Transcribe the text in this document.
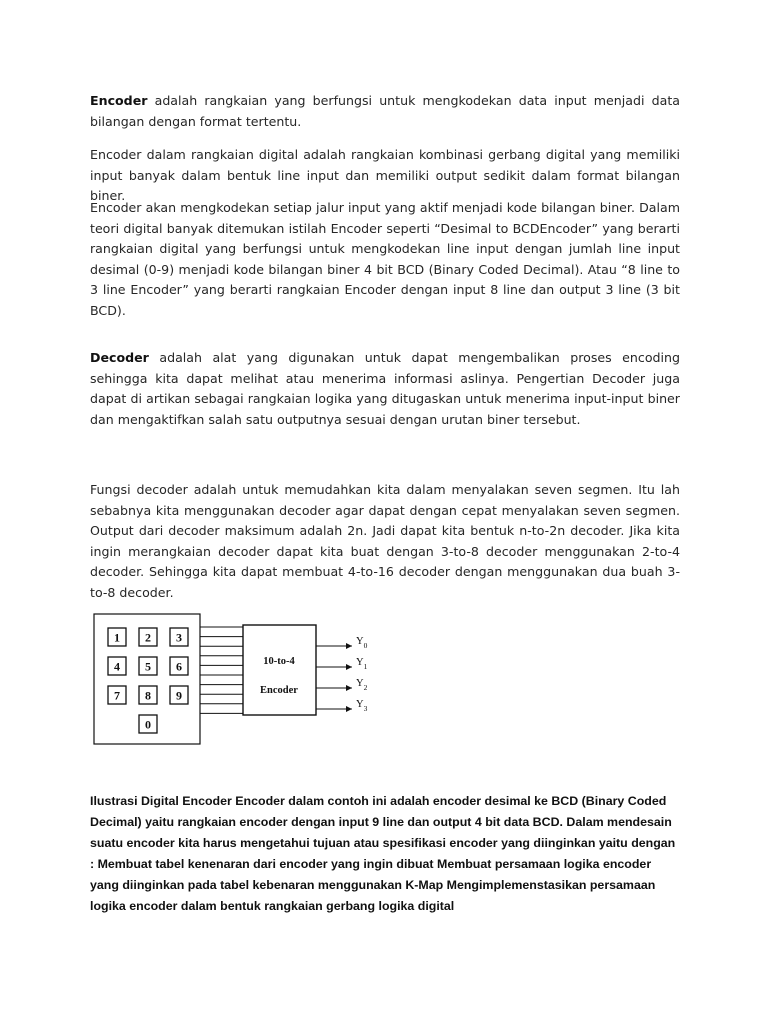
Encoder adalah rangkaian yang berfungsi untuk mengkodekan data input menjadi data bilangan dengan format tertentu.

Encoder dalam rangkaian digital adalah rangkaian kombinasi gerbang digital yang memiliki input banyak dalam bentuk line input dan memiliki output sedikit dalam format bilangan biner.

Encoder akan mengkodekan setiap jalur input yang aktif menjadi kode bilangan biner. Dalam teori digital banyak ditemukan istilah Encoder seperti “Desimal to BCDEncoder” yang berarti rangkaian digital yang berfungsi untuk mengkodekan line input dengan jumlah line input desimal (0-9) menjadi kode bilangan biner 4 bit BCD (Binary Coded Decimal). Atau “8 line to 3 line Encoder” yang berarti rangkaian Encoder dengan input 8 line dan output 3 line (3 bit BCD).

Decoder adalah alat yang digunakan untuk dapat mengembalikan proses encoding sehingga kita dapat melihat atau menerima informasi aslinya. Pengertian Decoder juga dapat di artikan sebagai rangkaian logika yang ditugaskan untuk menerima input-input biner dan mengaktifkan salah satu outputnya sesuai dengan urutan biner tersebut.

Fungsi decoder adalah untuk memudahkan kita dalam menyalakan seven segmen. Itu lah sebabnya kita menggunakan decoder agar dapat dengan cepat menyalakan seven segmen. Output dari decoder maksimum adalah 2n. Jadi dapat kita bentuk n-to-2n decoder. Jika kita ingin merangkaian decoder dapat kita buat dengan 3-to-8 decoder menggunakan 2-to-4 decoder. Sehingga kita dapat membuat 4-to-16 decoder dengan menggunakan dua buah 3-to-8 decoder.

1 2 3
4 5 6
7 8 9
0
10-to-4
Encoder
$Y_0$
$Y_1$
$Y_2$
$Y_3$

Ilustrasi Digital Encoder Encoder dalam contoh ini adalah encoder desimal ke BCD (Binary Coded Decimal) yaitu rangkaian encoder dengan input 9 line dan output 4 bit data BCD. Dalam mendesain suatu encoder kita harus mengetahui tujuan atau spesifikasi encoder yang diinginkan yaitu dengan : Membuat tabel kenenaran dari encoder yang ingin dibuat Membuat persamaan logika encoder yang diinginkan pada tabel kebenaran menggunakan K-Map Mengimplemenstasikan persamaan logika encoder dalam bentuk rangkaian gerbang logika digital
